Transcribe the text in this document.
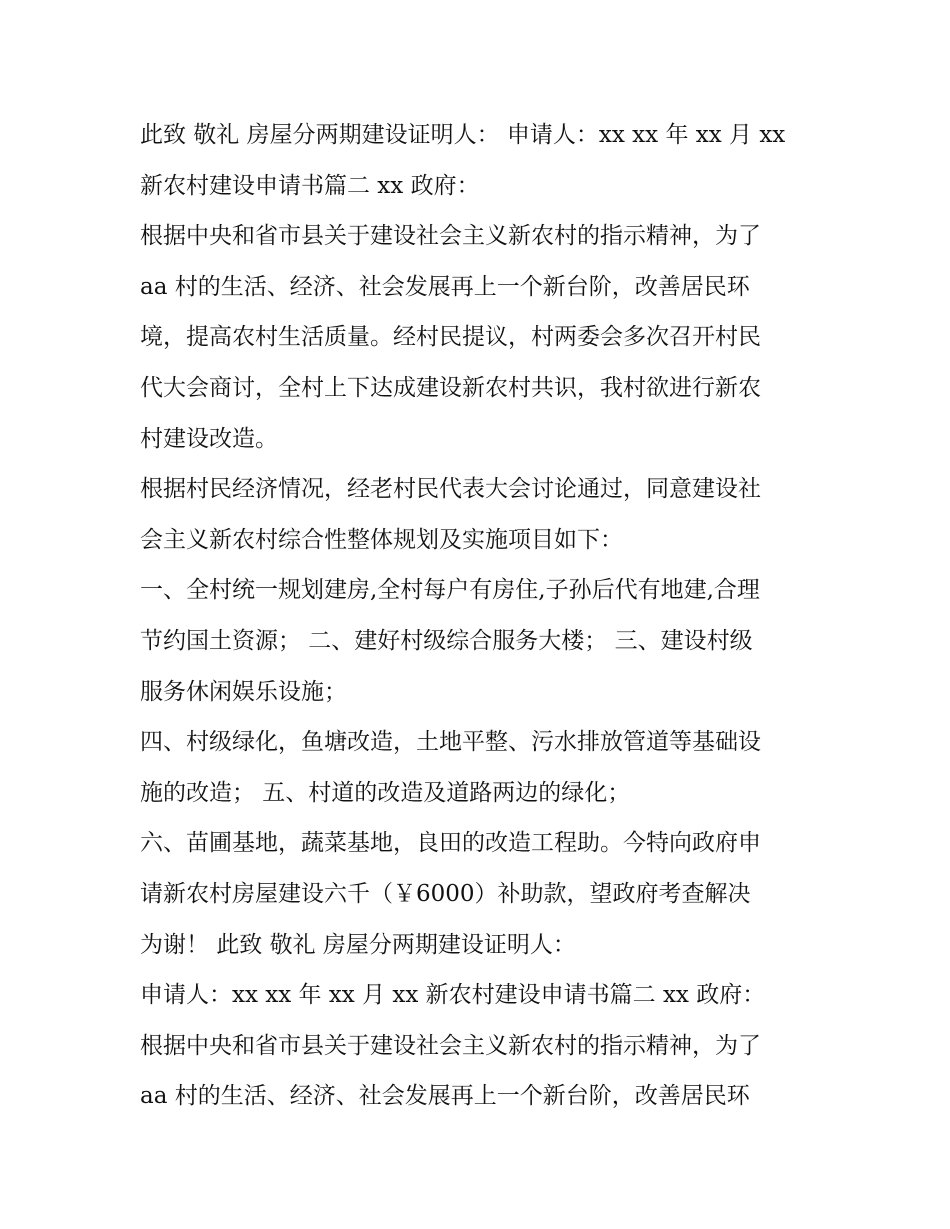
此致 敬礼 房屋分两期建设证明人： 申请人：xx xx 年 xx 月 xx
新农村建设申请书篇二 xx 政府：
根据中央和省市县关于建设社会主义新农村的指示精神，为了
aa 村的生活、经济、社会发展再上一个新台阶，改善居民环
境，提高农村生活质量。经村民提议，村两委会多次召开村民
代大会商讨，全村上下达成建设新农村共识，我村欲进行新农
村建设改造。
根据村民经济情况，经老村民代表大会讨论通过，同意建设社
会主义新农村综合性整体规划及实施项目如下：
一、全村统一规划建房,全村每户有房住,子孙后代有地建,合理
节约国土资源； 二、建好村级综合服务大楼； 三、建设村级
服务休闲娱乐设施；
四、村级绿化，鱼塘改造，土地平整、污水排放管道等基础设
施的改造； 五、村道的改造及道路两边的绿化；
六、苗圃基地，蔬菜基地，良田的改造工程助。今特向政府申
请新农村房屋建设六千（￥6000）补助款，望政府考查解决
为谢！ 此致 敬礼 房屋分两期建设证明人：
申请人：xx xx 年 xx 月 xx 新农村建设申请书篇二 xx 政府：
根据中央和省市县关于建设社会主义新农村的指示精神，为了
aa 村的生活、经济、社会发展再上一个新台阶，改善居民环
